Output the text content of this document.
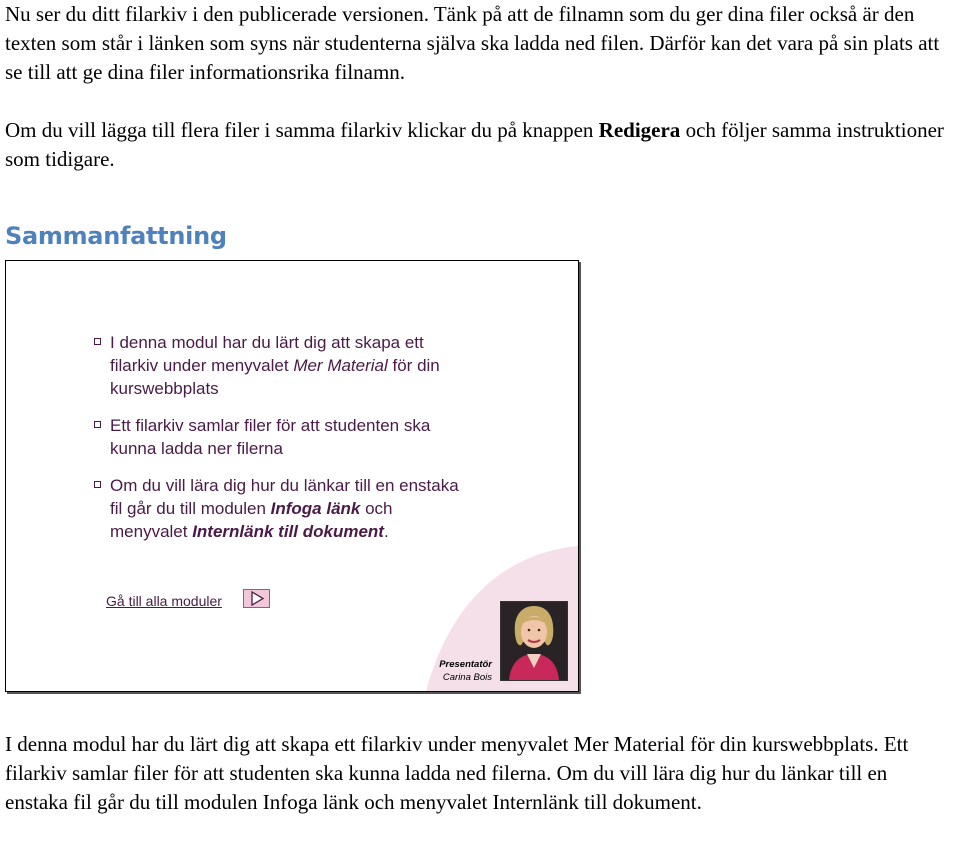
Nu ser du ditt filarkiv i den publicerade versionen. Tänk på att de filnamn som du ger dina filer också är den texten som står i länken som syns när studenterna själva ska ladda ned filen. Därför kan det vara på sin plats att se till att ge dina filer informationsrika filnamn.

Om du vill lägga till flera filer i samma filarkiv klickar du på knappen Redigera och följer samma instruktioner som tidigare.

Sammanfattning
I denna modul har du lärt dig att skapa ett filarkiv under menyvalet Mer Material för din kurswebbplats
Ett filarkiv samlar filer för att studenten ska kunna ladda ner filerna
Om du vill lära dig hur du länkar till en enstaka fil går du till modulen Infoga länk och menyvalet Internlänk till dokument.
Gå till alla moduler
Presentatör
Carina Bois

I denna modul har du lärt dig att skapa ett filarkiv under menyvalet Mer Material för din kurswebbplats. Ett filarkiv samlar filer för att studenten ska kunna ladda ned filerna. Om du vill lära dig hur du länkar till en enstaka fil går du till modulen Infoga länk och menyvalet Internlänk till dokument.
